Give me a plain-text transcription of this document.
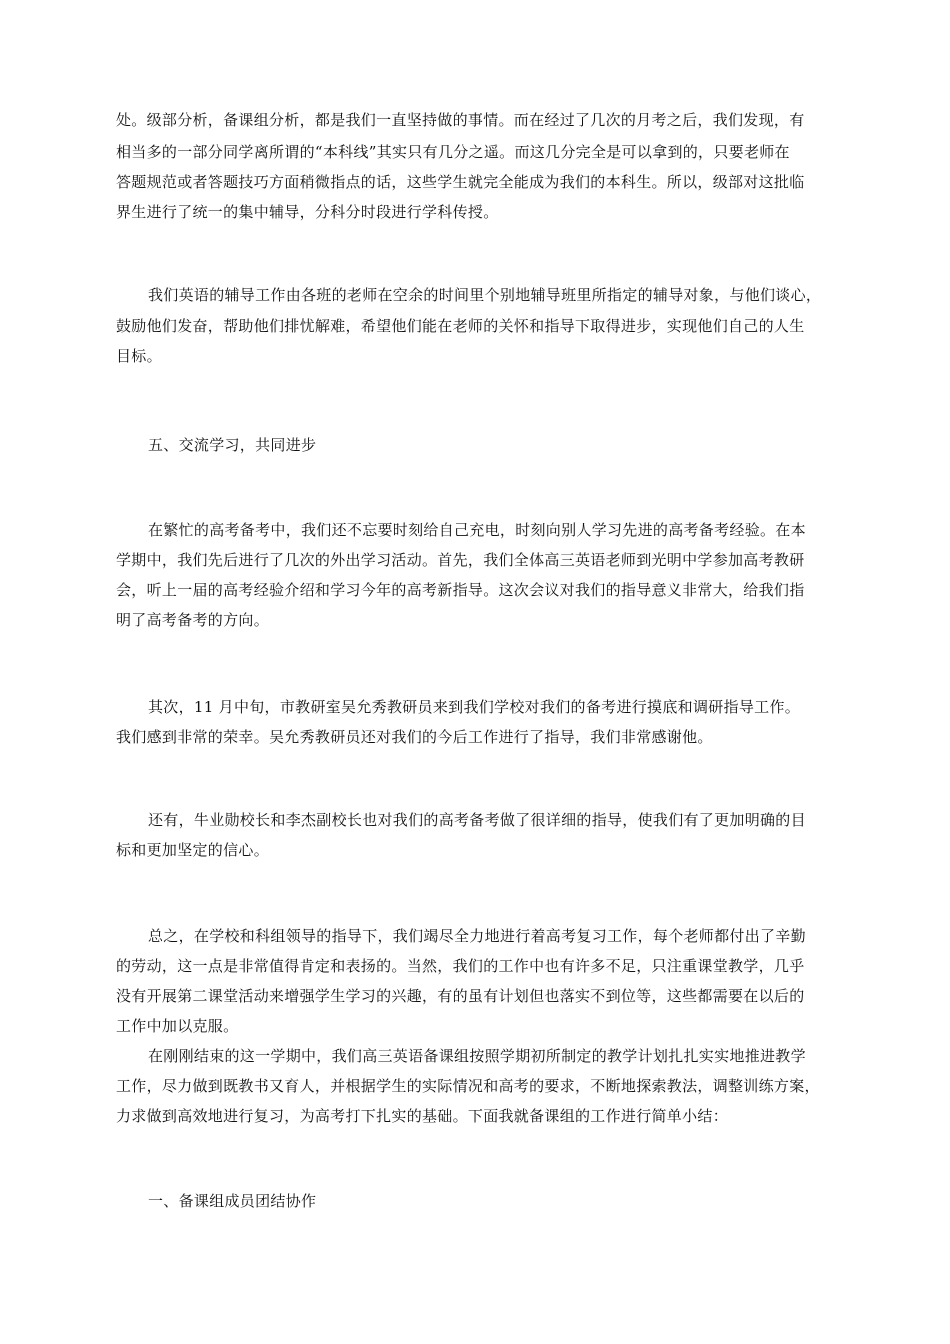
处。级部分析，备课组分析，都是我们一直坚持做的事情。而在经过了几次的月考之后，我们发现，有
相当多的一部分同学离所谓的“本科线”其实只有几分之遥。而这几分完全是可以拿到的，只要老师在
答题规范或者答题技巧方面稍微指点的话，这些学生就完全能成为我们的本科生。所以，级部对这批临
界生进行了统一的集中辅导，分科分时段进行学科传授。
我们英语的辅导工作由各班的老师在空余的时间里个别地辅导班里所指定的辅导对象，与他们谈心，
鼓励他们发奋，帮助他们排忧解难，希望他们能在老师的关怀和指导下取得进步，实现他们自己的人生
目标。
五、交流学习，共同进步
在繁忙的高考备考中，我们还不忘要时刻给自己充电，时刻向别人学习先进的高考备考经验。在本
学期中，我们先后进行了几次的外出学习活动。首先，我们全体高三英语老师到光明中学参加高考教研
会，听上一届的高考经验介绍和学习今年的高考新指导。这次会议对我们的指导意义非常大，给我们指
明了高考备考的方向。
其次，11 月中旬，市教研室吴允秀教研员来到我们学校对我们的备考进行摸底和调研指导工作。
我们感到非常的荣幸。吴允秀教研员还对我们的今后工作进行了指导，我们非常感谢他。
还有，牛业勋校长和李杰副校长也对我们的高考备考做了很详细的指导，使我们有了更加明确的目
标和更加坚定的信心。
总之，在学校和科组领导的指导下，我们竭尽全力地进行着高考复习工作，每个老师都付出了辛勤
的劳动，这一点是非常值得肯定和表扬的。当然，我们的工作中也有许多不足，只注重课堂教学，几乎
没有开展第二课堂活动来增强学生学习的兴趣，有的虽有计划但也落实不到位等，这些都需要在以后的
工作中加以克服。
在刚刚结束的这一学期中，我们高三英语备课组按照学期初所制定的教学计划扎扎实实地推进教学
工作，尽力做到既教书又育人，并根据学生的实际情况和高考的要求，不断地探索教法，调整训练方案，
力求做到高效地进行复习，为高考打下扎实的基础。下面我就备课组的工作进行简单小结：
一、备课组成员团结协作
